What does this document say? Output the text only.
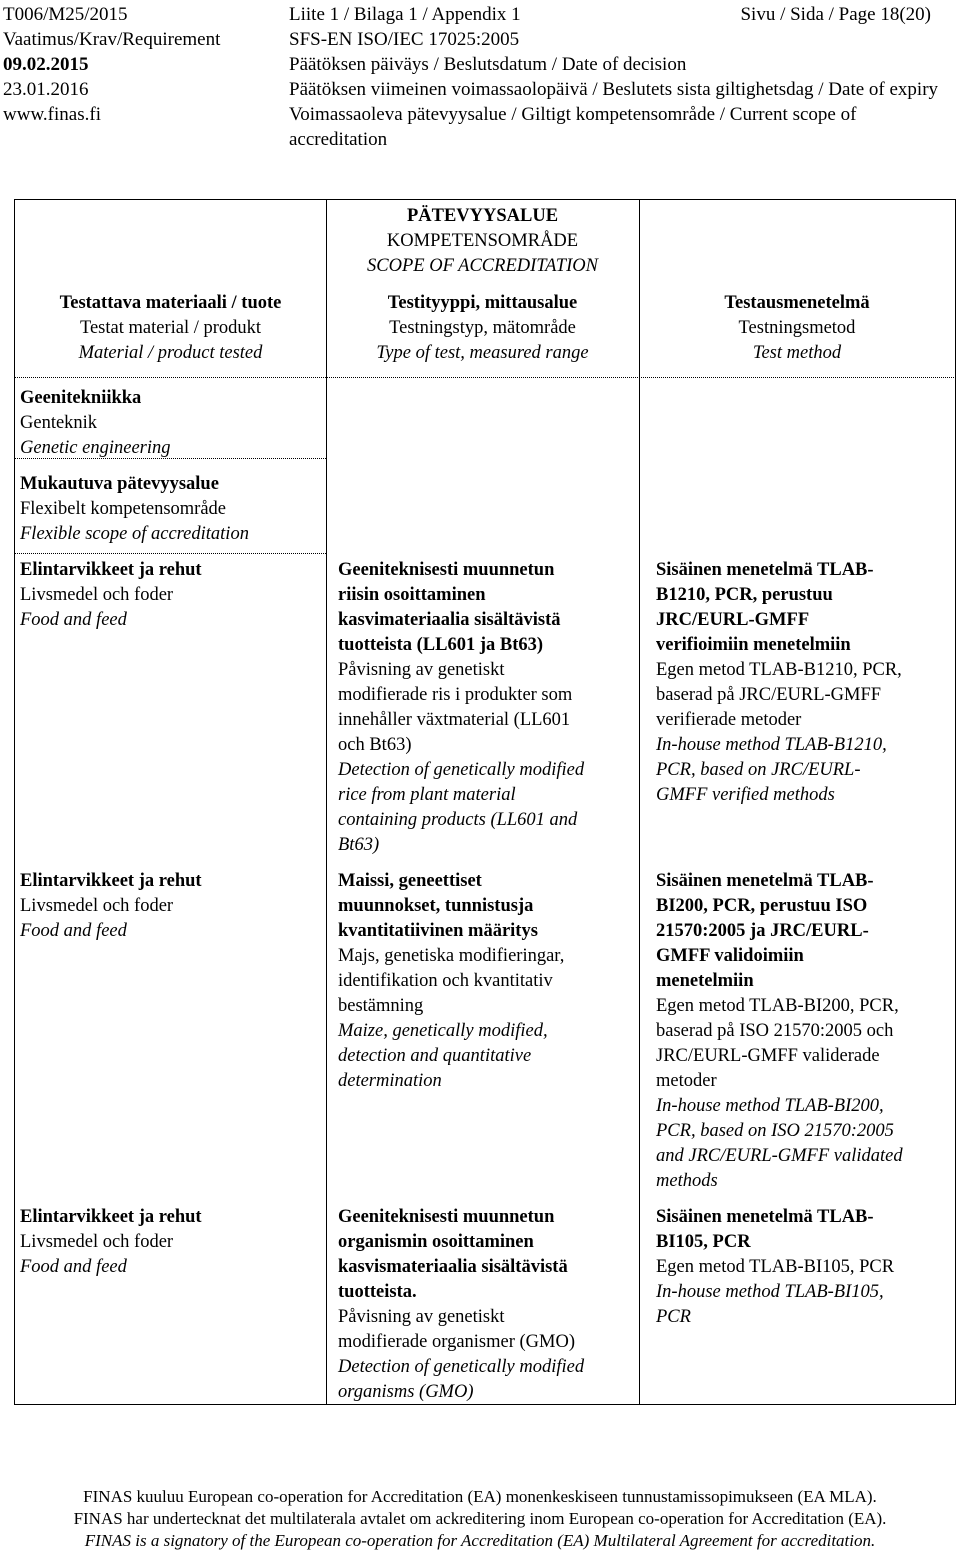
T006/M25/2015
Vaatimus/Krav/Requirement
09.02.2015
23.01.2016
www.finas.fi
Liite 1 / Bilaga 1 / Appendix 1
SFS-EN ISO/IEC 17025:2005
Päätöksen päiväys / Beslutsdatum / Date of decision
Päätöksen viimeinen voimassaolopäivä / Beslutets sista giltighetsdag / Date of expiry
Voimassaoleva pätevyysalue / Giltigt kompetensområde / Current scope of accreditation
Sivu / Sida / Page 18(20)
PÄTEVYYSALUE
KOMPETENSOMRÅDE
SCOPE OF ACCREDITATION
Testattava materiaali / tuote
Testat material / produkt
Material / product tested
Testityyppi, mittausalue
Testningstyp, mätområde
Type of test, measured range
Testausmenetelmä
Testningsmetod
Test method
Geenitekniikka
Genteknik
Genetic engineering
Mukautuva pätevyysalue
Flexibelt kompetensområde
Flexible scope of accreditation
Elintarvikkeet ja rehut
Livsmedel och foder
Food and feed
Geeniteknisesti muunnetun
riisin osoittaminen
kasvimateriaalia sisältävistä
tuotteista (LL601 ja Bt63)
Påvisning av genetiskt
modifierade ris i produkter som
innehåller växtmaterial (LL601
och Bt63)
Detection of genetically modified
rice from plant material
containing products (LL601 and
Bt63)
Sisäinen menetelmä TLAB-
B1210, PCR, perustuu
JRC/EURL-GMFF
verifioimiin menetelmiin
Egen metod TLAB-B1210, PCR,
baserad på JRC/EURL-GMFF
verifierade metoder
In-house method TLAB-B1210,
PCR, based on JRC/EURL-
GMFF verified methods
Elintarvikkeet ja rehut
Livsmedel och foder
Food and feed
Maissi, geneettiset
muunnokset, tunnistusja
kvantitatiivinen määritys
Majs, genetiska modifieringar,
identifikation och kvantitativ
bestämning
Maize, genetically modified,
detection and quantitative
determination
Sisäinen menetelmä TLAB-
BI200, PCR, perustuu ISO
21570:2005 ja JRC/EURL-
GMFF validoimiin
menetelmiin
Egen metod TLAB-BI200, PCR,
baserad på ISO 21570:2005 och
JRC/EURL-GMFF validerade
metoder
In-house method TLAB-BI200,
PCR, based on ISO 21570:2005
and JRC/EURL-GMFF validated
methods
Elintarvikkeet ja rehut
Livsmedel och foder
Food and feed
Geeniteknisesti muunnetun
organismin osoittaminen
kasvismateriaalia sisältävistä
tuotteista.
Påvisning av genetiskt
modifierade organismer (GMO)
Detection of genetically modified
organisms (GMO)
Sisäinen menetelmä TLAB-
BI105, PCR
Egen metod TLAB-BI105, PCR
In-house method TLAB-BI105,
PCR
FINAS kuuluu European co-operation for Accreditation (EA) monenkeskiseen tunnustamissopimukseen (EA MLA).
FINAS har undertecknat det multilaterala avtalet om ackreditering inom European co-operation for Accreditation (EA).
FINAS is a signatory of the European co-operation for Accreditation (EA) Multilateral Agreement for accreditation.
